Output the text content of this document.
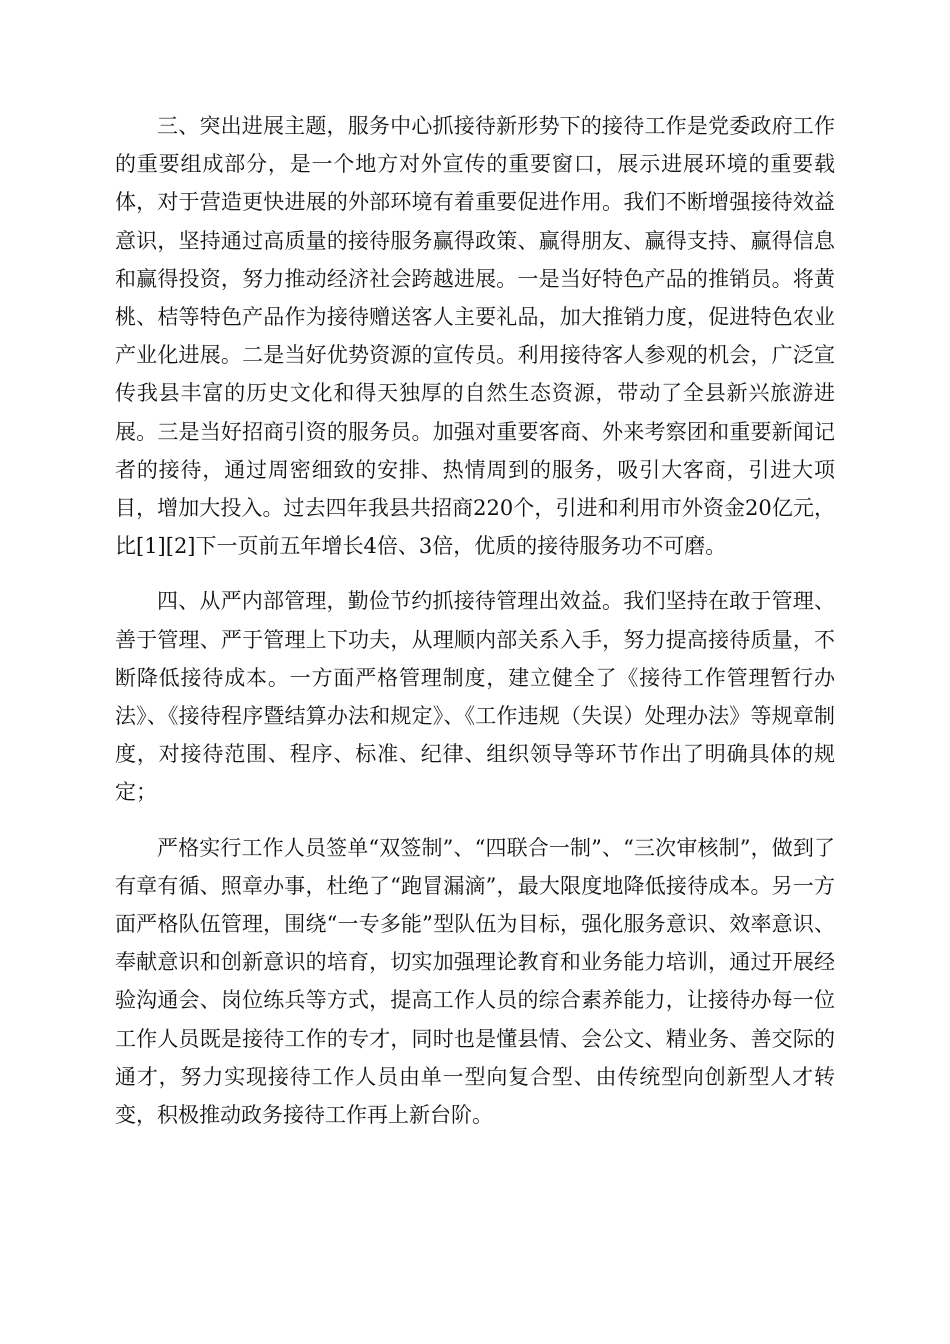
三、突出进展主题，服务中心抓接待新形势下的接待工作是党委政府工作的重要组成部分，是一个地方对外宣传的重要窗口，展示进展环境的重要载体，对于营造更快进展的外部环境有着重要促进作用。我们不断增强接待效益意识，坚持通过高质量的接待服务赢得政策、赢得朋友、赢得支持、赢得信息和赢得投资，努力推动经济社会跨越进展。一是当好特色产品的推销员。将黄桃、桔等特色产品作为接待赠送客人主要礼品，加大推销力度，促进特色农业产业化进展。二是当好优势资源的宣传员。利用接待客人参观的机会，广泛宣传我县丰富的历史文化和得天独厚的自然生态资源，带动了全县新兴旅游进展。三是当好招商引资的服务员。加强对重要客商、外来考察团和重要新闻记者的接待，通过周密细致的安排、热情周到的服务，吸引大客商，引进大项目，增加大投入。过去四年我县共招商220个，引进和利用市外资金20亿元，比[1][2]下一页前五年增长4倍、3倍，优质的接待服务功不可磨。

四、从严内部管理，勤俭节约抓接待管理出效益。我们坚持在敢于管理、善于管理、严于管理上下功夫，从理顺内部关系入手，努力提高接待质量，不断降低接待成本。一方面严格管理制度，建立健全了《接待工作管理暂行办法》、《接待程序暨结算办法和规定》、《工作违规（失误）处理办法》等规章制度，对接待范围、程序、标准、纪律、组织领导等环节作出了明确具体的规定；

严格实行工作人员签单“双签制”、“四联合一制”、“三次审核制”，做到了有章有循、照章办事，杜绝了“跑冒漏滴”，最大限度地降低接待成本。另一方面严格队伍管理，围绕“一专多能”型队伍为目标，强化服务意识、效率意识、奉献意识和创新意识的培育，切实加强理论教育和业务能力培训，通过开展经验沟通会、岗位练兵等方式，提高工作人员的综合素养能力，让接待办每一位工作人员既是接待工作的专才，同时也是懂县情、会公文、精业务、善交际的通才，努力实现接待工作人员由单一型向复合型、由传统型向创新型人才转变，积极推动政务接待工作再上新台阶。
